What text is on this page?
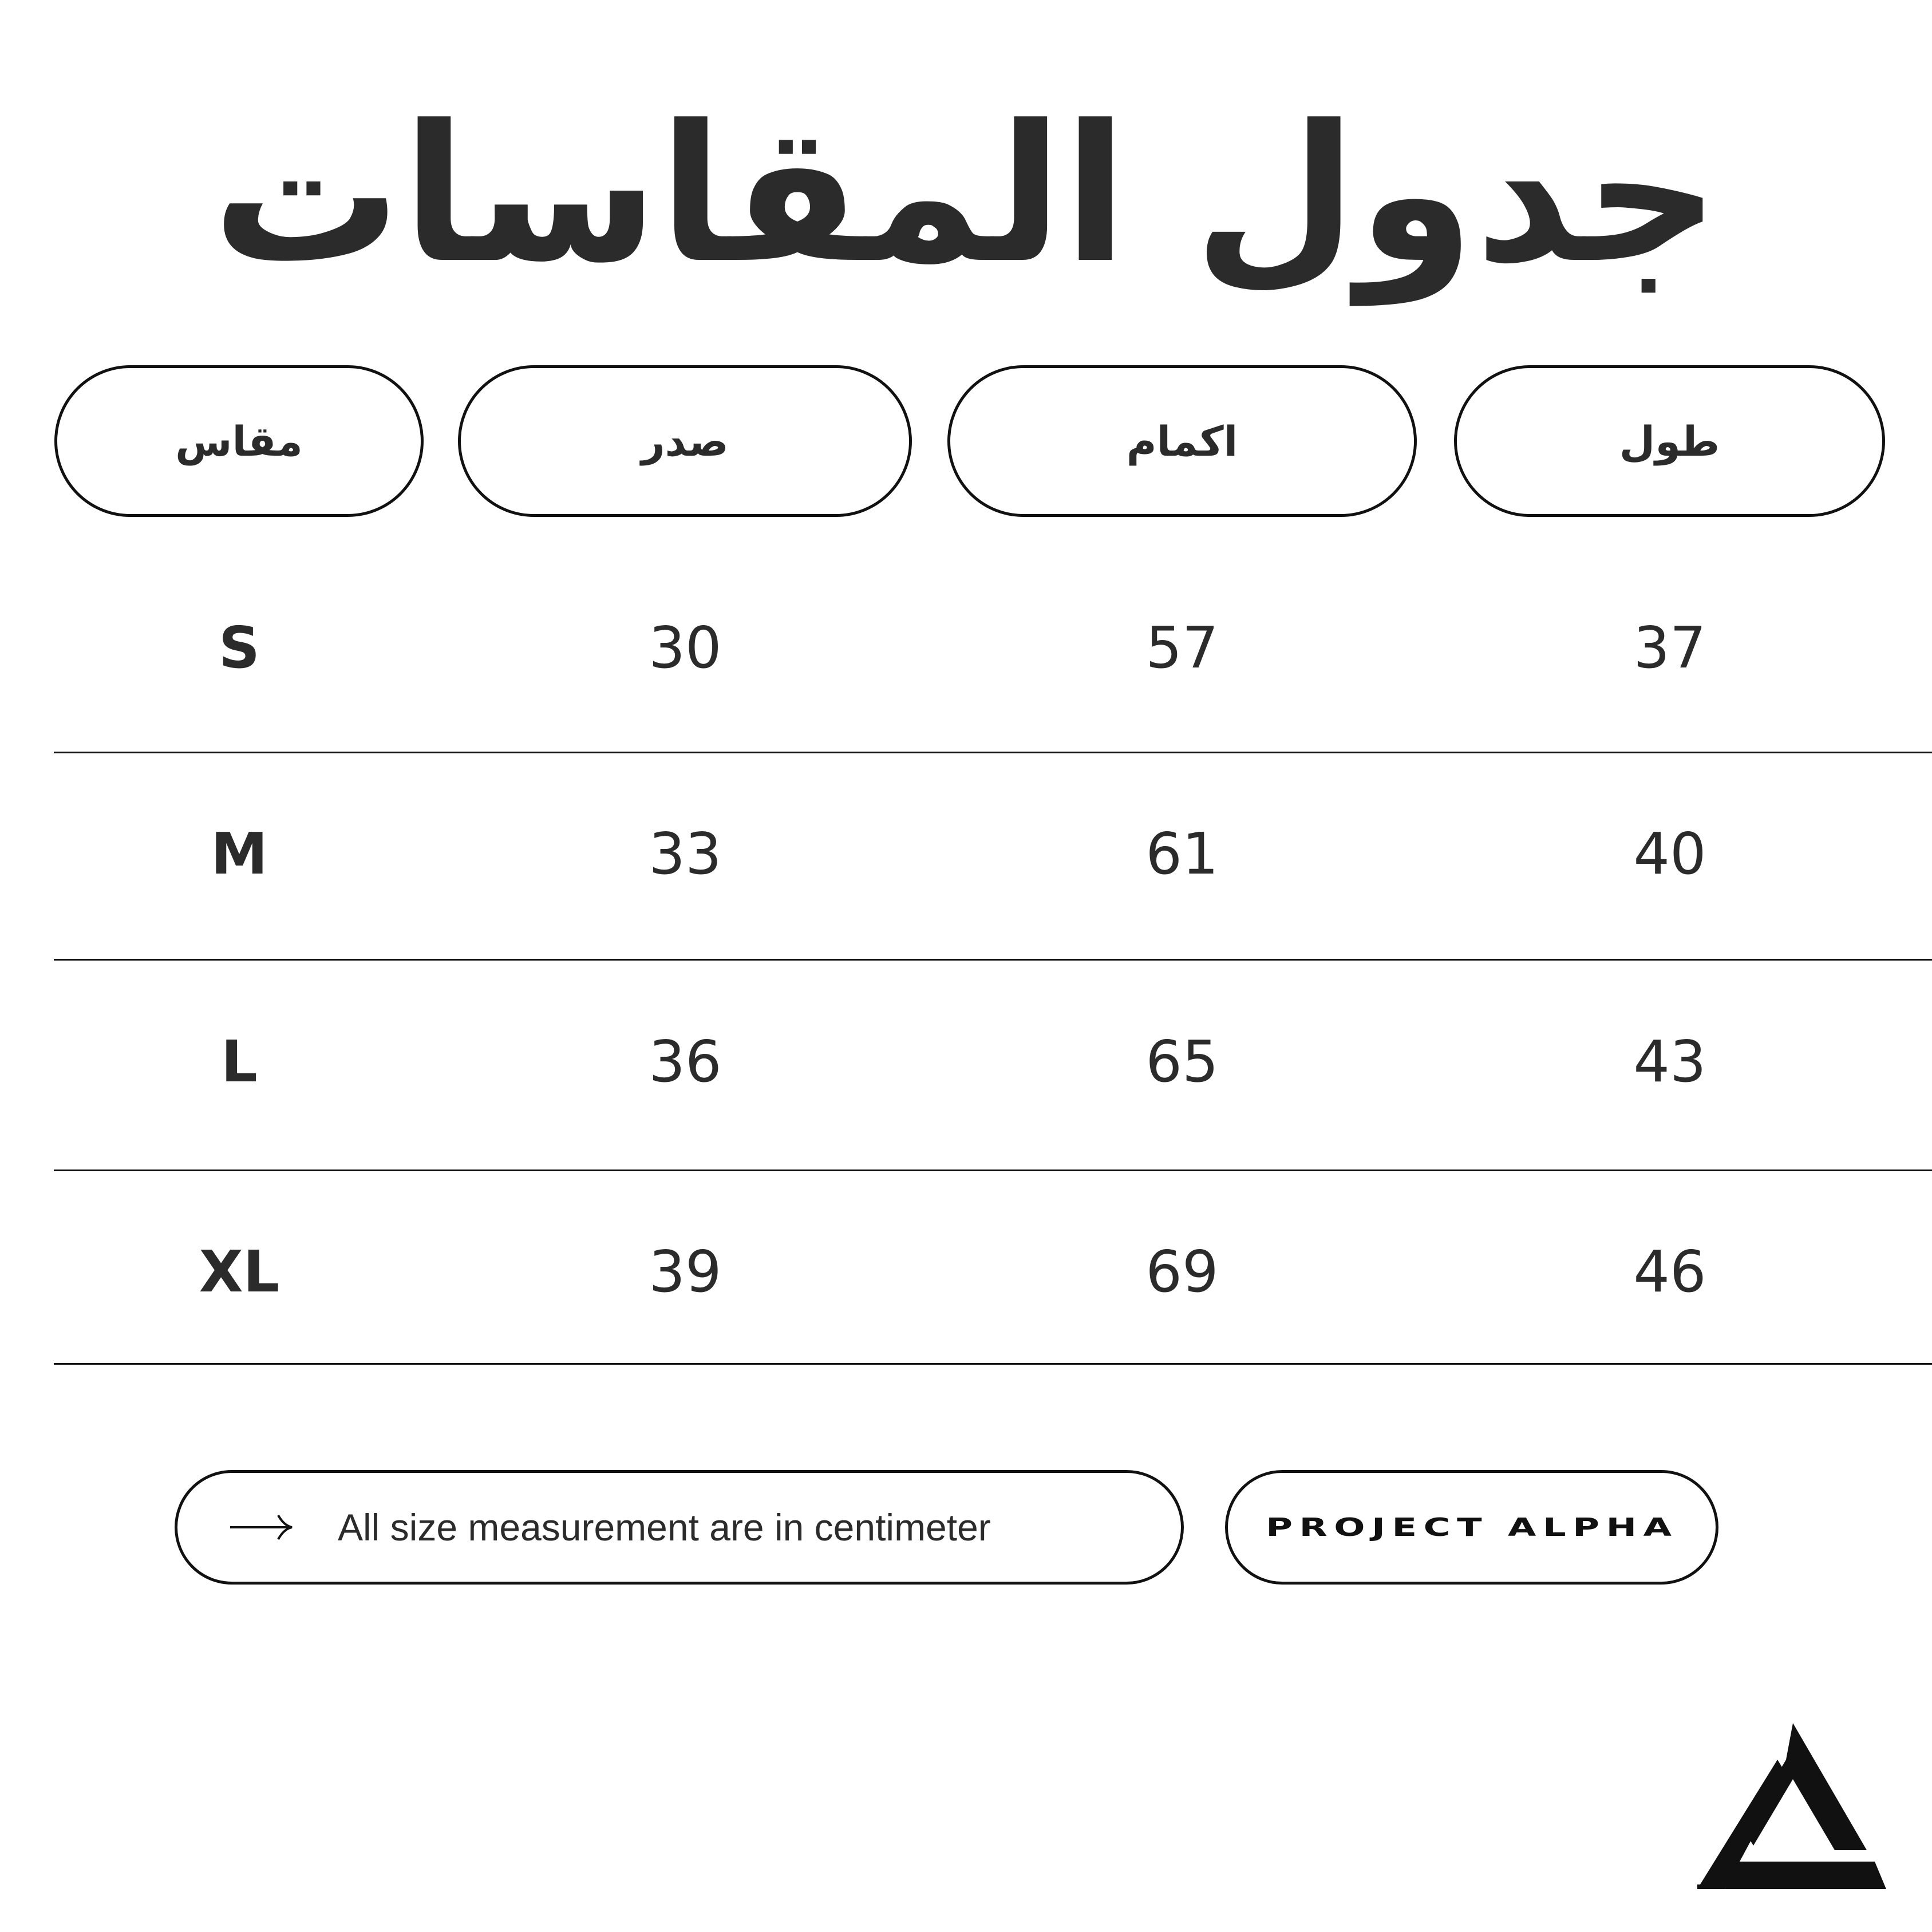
جدول المقاسات
مقاس	صدر	اكمام	طول
S	30	57	37
M	33	61	40
L	36	65	43
XL	39	69	46
All size measurement are in centimeter	PROJECT ALPHA
